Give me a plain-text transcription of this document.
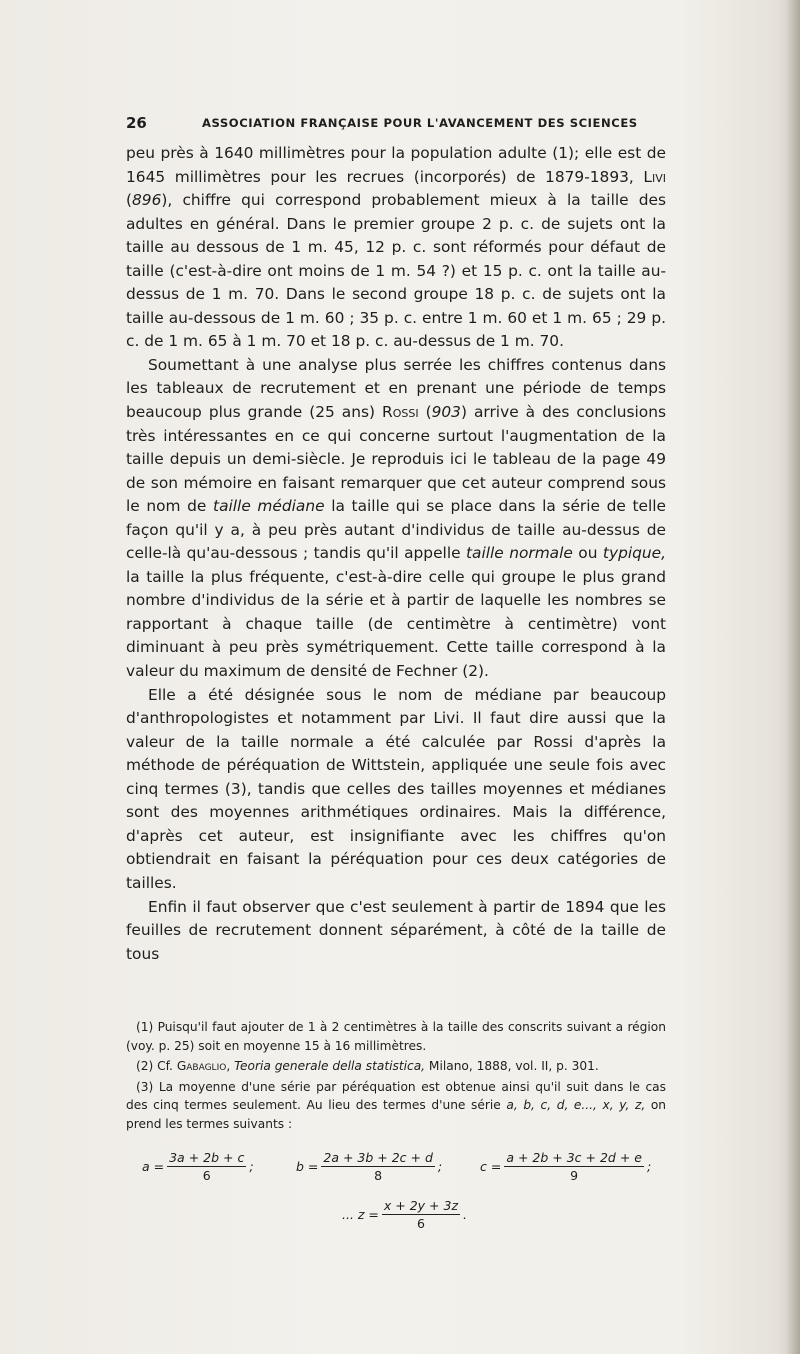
26	ASSOCIATION FRANÇAISE POUR L'AVANCEMENT DES SCIENCES

peu près à 1640 millimètres pour la population adulte (1); elle est de 1645 millimètres pour les recrues (incorporés) de 1879-1893, Livi (896), chiffre qui correspond probablement mieux à la taille des adultes en général. Dans le premier groupe 2 p. c. de sujets ont la taille au dessous de 1 m. 45, 12 p. c. sont réformés pour défaut de taille (c'est-à-dire ont moins de 1 m. 54 ?) et 15 p. c. ont la taille au-dessus de 1 m. 70. Dans le second groupe 18 p. c. de sujets ont la taille au-dessous de 1 m. 60 ; 35 p. c. entre 1 m. 60 et 1 m. 65 ; 29 p. c. de 1 m. 65 à 1 m. 70 et 18 p. c. au-dessus de 1 m. 70.

Soumettant à une analyse plus serrée les chiffres contenus dans les tableaux de recrutement et en prenant une période de temps beaucoup plus grande (25 ans) Rossi (903) arrive à des conclusions très intéressantes en ce qui concerne surtout l'augmentation de la taille depuis un demi-siècle. Je reproduis ici le tableau de la page 49 de son mémoire en faisant remarquer que cet auteur comprend sous le nom de taille médiane la taille qui se place dans la série de telle façon qu'il y a, à peu près autant d'individus de taille au-dessus de celle-là qu'au-dessous ; tandis qu'il appelle taille normale ou typique, la taille la plus fréquente, c'est-à-dire celle qui groupe le plus grand nombre d'individus de la série et à partir de laquelle les nombres se rapportant à chaque taille (de centimètre à centimètre) vont diminuant à peu près symétriquement. Cette taille correspond à la valeur du maximum de densité de Fechner (2).

Elle a été désignée sous le nom de médiane par beaucoup d'anthropologistes et notamment par Livi. Il faut dire aussi que la valeur de la taille normale a été calculée par Rossi d'après la méthode de péréquation de Wittstein, appliquée une seule fois avec cinq termes (3), tandis que celles des tailles moyennes et médianes sont des moyennes arithmétiques ordinaires. Mais la différence, d'après cet auteur, est insignifiante avec les chiffres qu'on obtiendrait en faisant la péréquation pour ces deux catégories de tailles.

Enfin il faut observer que c'est seulement à partir de 1894 que les feuilles de recrutement donnent séparément, à côté de la taille de tous

(1) Puisqu'il faut ajouter de 1 à 2 centimètres à la taille des conscrits suivant a région (voy. p. 25) soit en moyenne 15 à 16 millimètres.

(2) Cf. Gabaglio, Teoria generale della statistica, Milano, 1888, vol. II, p. 301.

(3) La moyenne d'une série par péréquation est obtenue ainsi qu'il suit dans le cas des cinq termes seulement. Au lieu des termes d'une série a, b, c, d, e..., x, y, z, on prend les termes suivants :

$a = \frac{3a + 2b + c}{6}$ ;	$b = \frac{2a + 3b + 2c + d}{8}$ ;	$c = \frac{a + 2b + 3c + 2d + e}{9}$ ;
... $z = \frac{x + 2y + 3z}{6}$ .
